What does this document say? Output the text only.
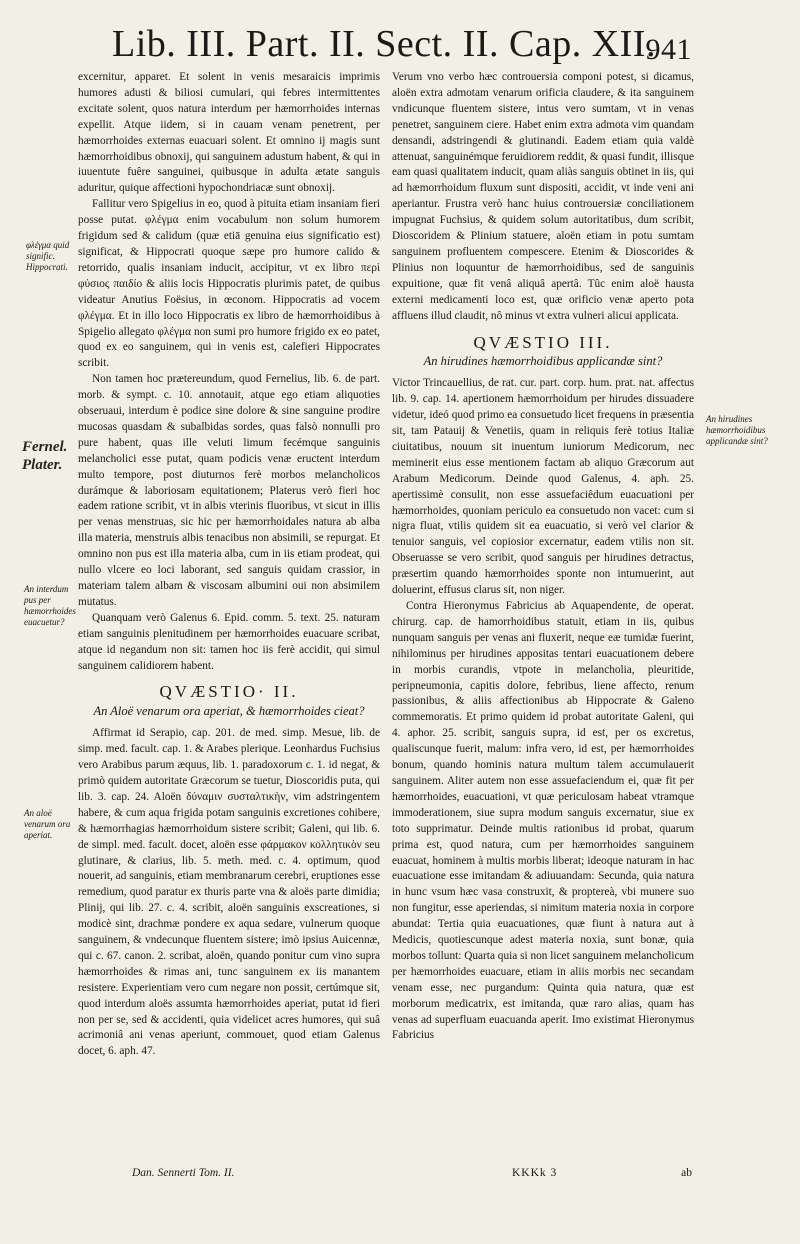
Lib. III. Part. II. Sect. II. Cap. XII.
941
φλέγμα quid signific. Hippocrati.
Fernel. Plater.
An interdum pus per hæmorrhoides euacuetur?
An aloë venarum ora aperiat.
An hirudines hæmorrhoidibus applicandæ sint?

excernitur, apparet. Et solent in venis mesaraicis imprimis humores adusti & biliosi cumulari, qui febres intermittentes excitate solent, quos natura interdum per hæmorrhoides internas expellit. Atque iidem, si in cauam venam penetrent, per hæmorrhoides externas euacuari solent. Et omnino ij magis sunt hæmorrhoidibus obnoxij, qui sanguinem adustum habent, & qui in iuuentute fuêre sanguinei, quibusque in adulta ætate sanguis aduritur, quique affectioni hypochondriacæ sunt obnoxij.

Fallitur vero Spigelius in eo, quod à pituita etiam insaniam fieri posse putat. φλέγμα enim vocabulum non solum humorem frigidum sed & calidum (quæ etiā genuina eius significatio est) significat, & Hippocrati quoque sæpe pro humore calido & retorrido, qualis insaniam inducit, accipitur, vt ex libro περὶ φύσιος παιδίο & aliis locis Hippocratis plurimis patet, de quibus videatur Anutius Foësius, in œconom. Hippocratis ad vocem φλέγμα. Et in illo loco Hippocratis ex libro de hæmorrhoidibus à Spigelio allegato φλέγμα non sumi pro humore frigido ex eo patet, quod ex eo sanguinem, qui in venis est, calefieri Hippocrates scribit.

Non tamen hoc prætereundum, quod Fernelius, lib. 6. de part. morb. & sympt. c. 10. annotauit, atque ego etiam aliquoties obseruaui, interdum è podice sine dolore & sine sanguine prodire mucosas quasdam & subalbidas sordes, quas falsò nonnulli pro pure habent, quas ille veluti limum fecémque sanguinis melancholici esse putat, quam podicis venæ eructent interdum multo tempore, post diuturnos ferè morbos melancholicos durámque & laboriosam equitationem; Platerus verò fieri hoc eadem ratione scribit, vt in albis vterinis fluoribus, vt sicut in illis per venas menstruas, sic hic per hæmorrhoidales natura ab alba illa materia, menstruis albis tenacibus non absimili, se repurgat. Et omnino non pus est illa materia alba, cum in iis etiam prodeat, qui nullo vlcere eo loci laborant, sed sanguis quidam crassior, in materiam talem albam & viscosam albumini oui non absimilem mutatus.

Quanquam verò Galenus 6. Epid. comm. 5. text. 25. naturam etiam sanguinis plenitudinem per hæmorrhoides euacuare scribat, atque id negandum non sit: tamen hoc iis ferè accidit, qui simul sanguinem calidiorem habent.

QVÆSTIO· II.
An Aloë venarum ora aperiat, & hæmorrhoides cieat?

Affirmat id Serapio, cap. 201. de med. simp. Mesue, lib. de simp. med. facult. cap. 1. & Arabes plerique. Leonhardus Fuchsius vero Arabibus parum æquus, lib. 1. paradoxorum c. 1. id negat, & primò quidem autoritate Græcorum se tuetur, Dioscoridis puta, qui lib. 3. cap. 24. Aloën δύναμιν συσταλτικὴν, vim adstringentem habere, & cum aqua frigida potam sanguinis excretiones cohibere, & hæmorrhagias hæmorrhoidum sistere scribit; Galeni, qui lib. 6. de simpl. med. facult. docet, aloën esse φάρμακον κολλητικὸν seu glutinare, & clarius, lib. 5. meth. med. c. 4. optimum, quod nouerit, ad sanguinis, etiam membranarum cerebri, eruptiones esse remedium, quod paratur ex thuris parte vna & aloës parte dimidia; Plinij, qui lib. 27. c. 4. scribit, aloën sanguinis exscreationes, si modicè sint, drachmæ pondere ex aqua sedare, vulnerum quoque sanguinem, & vndecunque fluentem sistere; imò ipsius Auicennæ, qui c. 67. canon. 2. scribat, aloën, quando ponitur cum vino supra hæmorrhoides & rimas ani, tunc sanguinem ex iis manantem resistere. Experientiam vero cum negare non possit, certúmque sit, quod interdum aloës assumta hæmorrhoides aperiat, putat id fieri non per se, sed & accidenti, quia videlicet acres humores, qui suâ acrimoniâ ani venas aperiunt, commouet, quod etiam Galenus docet, 6. aph. 47.

Verum vno verbo hæc controuersia componi potest, si dicamus, aloën extra admotam venarum orificia claudere, & ita sanguinem vndicunque fluentem sistere, intus vero sumtam, vt in venas penetret, sanguinem ciere. Habet enim extra admota vim quandam densandi, adstringendi & glutinandi. Eadem etiam quia valdè attenuat, sanguinémque feruidiorem reddit, & quasi fundit, illisque eam quasi qualitatem inducit, quam aliàs sanguis obtinet in iis, qui ad hæmorrhoidum fluxum sunt dispositi, accidit, vt inde veni ani aperiantur. Frustra verò hanc huius controuersiæ conciliationem impugnat Fuchsius, & quidem solum autoritatibus, dum scribit, Dioscoridem & Plinium statuere, aloën etiam in potu sumtam sanguinem profluentem compescere. Etenim & Dioscorides & Plinius non loquuntur de hæmorrhoidibus, sed de sanguinis expuitione, quæ fit venâ aliquâ apertâ. Tûc enim aloë hausta externi medicamenti loco est, quæ orificio venæ aperto pota affluens illud claudit, nô minus vt extra vulneri alicui applicata.

QVÆSTIO III.
An hirudines hæmorrhoidibus applicandæ sint?

Victor Trincauellius, de rat. cur. part. corp. hum. prat. nat. affectus lib. 9. cap. 14. apertionem hæmorrhoidum per hirudes dissuadere videtur, ideó quod primo ea consuetudo licet frequens in præsentia sit, tam Patauij & Venetiis, quam in reliquis ferè totius Italiæ ciuitatibus, nouum sit inuentum iuniorum Medicorum, nec meminerit eius esse mentionem factam ab aliquo Græcorum aut Arabum Medicorum. Deinde quod Galenus, 4. aph. 25. apertissimè consulit, non esse assuefaciêdum euacuationi per hæmorrhoides, quoniam periculo ea consuetudo non vacet: cum si nigra fluat, vtilis quidem sit ea euacuatio, si verò vel clarior & tenuior sanguis, vel copiosior excernatur, eadem vtilis non sit. Obseruasse se vero scribit, quod sanguis per hirudines detractus, præsertim quando hæmorrhoides sponte non intumuerint, aut doluerint, effusus clarus sit, non niger.

Contra Hieronymus Fabricius ab Aquapendente, de operat. chirurg. cap. de hamorrhoidibus statuit, etiam in iis, quibus nunquam sanguis per venas ani fluxerit, neque eæ tumidæ fuerint, nihilominus per hirudines appositas tentari euacuationem debere in morbis curandis, vtpote in melancholia, pleuritide, peripneumonia, capitis dolore, febribus, liene affecto, renum passionibus, & aliis affectionibus ab Hippocrate & Galeno commemoratis. Et primo quidem id probat autoritate Galeni, qui 4. aphor. 25. scribit, sanguis supra, id est, per os excretus, qualiscunque fuerit, malum: infra vero, id est, per hæmorrhoides bonum, quando hominis natura multum talem accumulauerit sanguinem. Aliter autem non esse assuefaciendum ei, quæ fit per hæmorrhoides, euacuationi, vt quæ periculosam habeat vtramque immoderationem, siue supra modum sanguis excernatur, siue ex toto supprimatur. Deinde multis rationibus id probat, quarum prima est, quod natura, cum per hæmorrhoides sanguinem euacuat, hominem à multis morbis liberat; ideoque naturam in hac euacuatione esse imitandam & adiuuandam: Secunda, quia natura in hunc vsum hæc vasa construxit, & proptereà, vbi munere suo non fungitur, esse aperiendas, si nimitum materia noxia in corpore abundat: Tertia quia euacuationes, quæ fiunt à natura aut à Medicis, quotiescunque adest materia noxia, sunt bonæ, quia morbos tollunt: Quarta quia si non licet sanguinem melancholicum per hæmorrhoides euacuare, etiam in aliis morbis nec secandam venam esse, nec purgandum: Quinta quia natura, quæ est morborum medicatrix, est imitanda, quæ raro alias, quam has venas ad superfluam euacuanda aperit. Imo existimat Hieronymus Fabricius

Dan. Sennerti Tom. II.	KKKk 3	ab
